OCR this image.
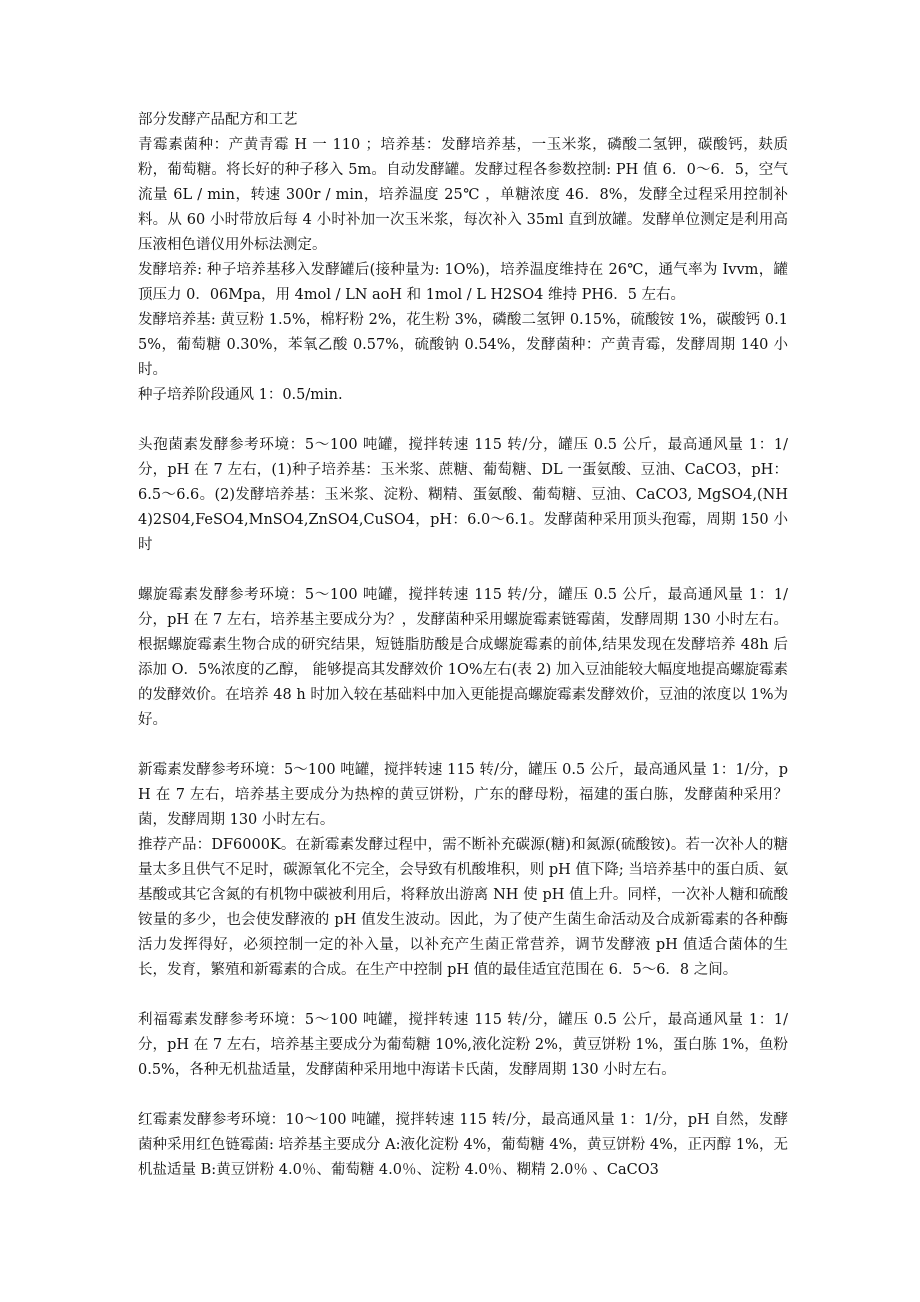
部分发酵产品配方和工艺

青霉素菌种：产黄青霉 H 一 110 ；培养基：发酵培养基，一玉米浆，磷酸二氢钾，碳酸钙，麸质粉，葡萄糖。将长好的种子移入 5m。自动发酵罐。发酵过程各参数控制: PH 值 6．0～6．5，空气流量 6L / min，转速 300r / min，培养温度 25℃ ，单糖浓度 46．8%，发酵全过程采用控制补料。从 60 小时带放后每 4 小时补加一次玉米浆，每次补入 35ml 直到放罐。发酵单位测定是利用高压液相色谱仪用外标法测定。

发酵培养: 种子培养基移入发酵罐后(接种量为: 1O%)，培养温度维持在 26℃，通气率为 Ivvm，罐顶压力 0．06Mpa，用 4mol / LN aoH 和 1mol / L H2SO4 维持 PH6．5 左右。

发酵培养基: 黄豆粉 1.5%，棉籽粉 2%，花生粉 3%，磷酸二氢钾 0.15%，硫酸铵 1%，碳酸钙 0.15%，葡萄糖 0.30%，苯氧乙酸 0.57%，硫酸钠 0.54%，发酵菌种：产黄青霉，发酵周期 140 小时。

种子培养阶段通风 1：0.5/min.

头孢菌素发酵参考环境：5～100 吨罐，搅拌转速 115 转/分，罐压 0.5 公斤，最高通风量 1：1/分，pH 在 7 左右，(1)种子培养基：玉米浆、蔗糖、葡萄糖、DL 一蛋氨酸、豆油、CaCO3，pH：6.5～6.6。(2)发酵培养基：玉米浆、淀粉、糊精、蛋氨酸、葡萄糖、豆油、CaCO3, MgSO4,(NH4)2S04,FeSO4,MnSO4,ZnSO4,CuSO4，pH：6.0～6.1。发酵菌种采用顶头孢霉，周期 150 小时

螺旋霉素发酵参考环境：5～100 吨罐，搅拌转速 115 转/分，罐压 0.5 公斤，最高通风量 1：1/分，pH 在 7 左右，培养基主要成分为？，发酵菌种采用螺旋霉素链霉菌，发酵周期 130 小时左右。根据螺旋霉素生物合成的研究结果，短链脂肪酸是合成螺旋霉素的前体,结果发现在发酵培养 48h 后添加 O．5%浓度的乙醇， 能够提高其发酵效价 1O%左右(表 2) 加入豆油能较大幅度地提高螺旋霉素的发酵效价。在培养 48 h 时加入较在基础料中加入更能提高螺旋霉素发酵效价，豆油的浓度以 1%为好。

新霉素发酵参考环境：5～100 吨罐，搅拌转速 115 转/分，罐压 0.5 公斤，最高通风量 1：1/分，pH 在 7 左右，培养基主要成分为热榨的黄豆饼粉，广东的酵母粉，福建的蛋白胨，发酵菌种采用？菌，发酵周期 130 小时左右。

推荐产品：DF6000K。在新霉素发酵过程中，需不断补充碳源(糖)和氮源(硫酸铵)。若一次补人的糖量太多且供气不足时，碳源氧化不完全，会导致有机酸堆积，则 pH 值下降; 当培养基中的蛋白质、氨基酸或其它含氮的有机物中碳被利用后，将释放出游离 NH 使 pH 值上升。同样，一次补人糖和硫酸铵量的多少，也会使发酵液的 pH 值发生波动。因此，为了使产生菌生命活动及合成新霉素的各种酶活力发挥得好，必须控制一定的补入量，以补充产生菌正常营养，调节发酵液 pH 值适合菌体的生长，发育，繁殖和新霉素的合成。在生产中控制 pH 值的最佳适宜范围在 6．5～6．8 之间。

利福霉素发酵参考环境：5～100 吨罐，搅拌转速 115 转/分，罐压 0.5 公斤，最高通风量 1：1/分，pH 在 7 左右，培养基主要成分为葡萄糖 10%,液化淀粉 2%，黄豆饼粉 1%，蛋白胨 1%，鱼粉 0.5%，各种无机盐适量，发酵菌种采用地中海诺卡氏菌，发酵周期 130 小时左右。

红霉素发酵参考环境：10～100 吨罐，搅拌转速 115 转/分，最高通风量 1：1/分，pH 自然，发酵菌种采用红色链霉菌: 培养基主要成分 A:液化淀粉 4%，葡萄糖 4%，黄豆饼粉 4%，正丙醇 1%，无机盐适量 B:黄豆饼粉 4.0％、葡萄糖 4.0％、淀粉 4.0％、糊精 2.0％ 、CaCO3
